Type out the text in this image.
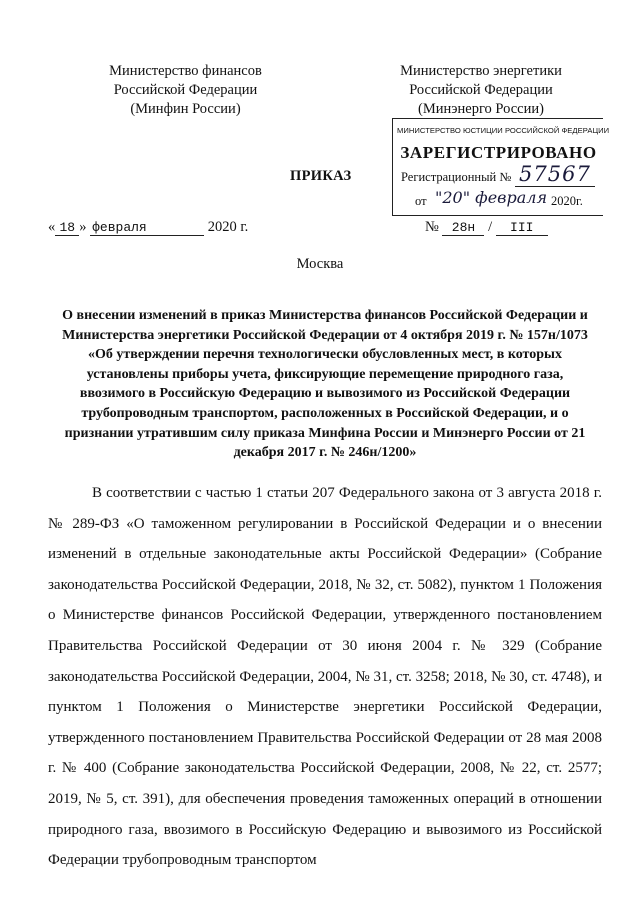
Министерство финансов
Российской Федерации
(Минфин России)
Министерство энергетики
Российской Федерации
(Минэнерго России)
МИНИСТЕРСТВО ЮСТИЦИИ РОССИЙСКОЙ ФЕДЕРАЦИИ
ЗАРЕГИСТРИРОВАНО
Регистрационный № 57567
от "20" февраля 2020г.
ПРИКАЗ
« 18 » февраля	2020 г.	№ 28н / III
Москва
О внесении изменений в приказ Министерства финансов Российской Федерации и Министерства энергетики Российской Федерации от 4 октября 2019 г. № 157н/1073 «Об утверждении перечня технологически обусловленных мест, в которых установлены приборы учета, фиксирующие перемещение природного газа, ввозимого в Российскую Федерацию и вывозимого из Российской Федерации трубопроводным транспортом, расположенных в Российской Федерации, и о признании утратившим силу приказа Минфина России и Минэнерго России от 21 декабря 2017 г. № 246н/1200»
В соответствии с частью 1 статьи 207 Федерального закона от 3 августа 2018 г. № 289-ФЗ «О таможенном регулировании в Российской Федерации и о внесении изменений в отдельные законодательные акты Российской Федерации» (Собрание законодательства Российской Федерации, 2018, № 32, ст. 5082), пунктом 1 Положения о Министерстве финансов Российской Федерации, утвержденного постановлением Правительства Российской Федерации от 30 июня 2004 г. № 329 (Собрание законодательства Российской Федерации, 2004, № 31, ст. 3258; 2018, № 30, ст. 4748), и пунктом 1 Положения о Министерстве энергетики Российской Федерации, утвержденного постановлением Правительства Российской Федерации от 28 мая 2008 г. № 400 (Собрание законодательства Российской Федерации, 2008, № 22, ст. 2577; 2019, № 5, ст. 391), для обеспечения проведения таможенных операций в отношении природного газа, ввозимого в Российскую Федерацию и вывозимого из Российской Федерации трубопроводным транспортом
